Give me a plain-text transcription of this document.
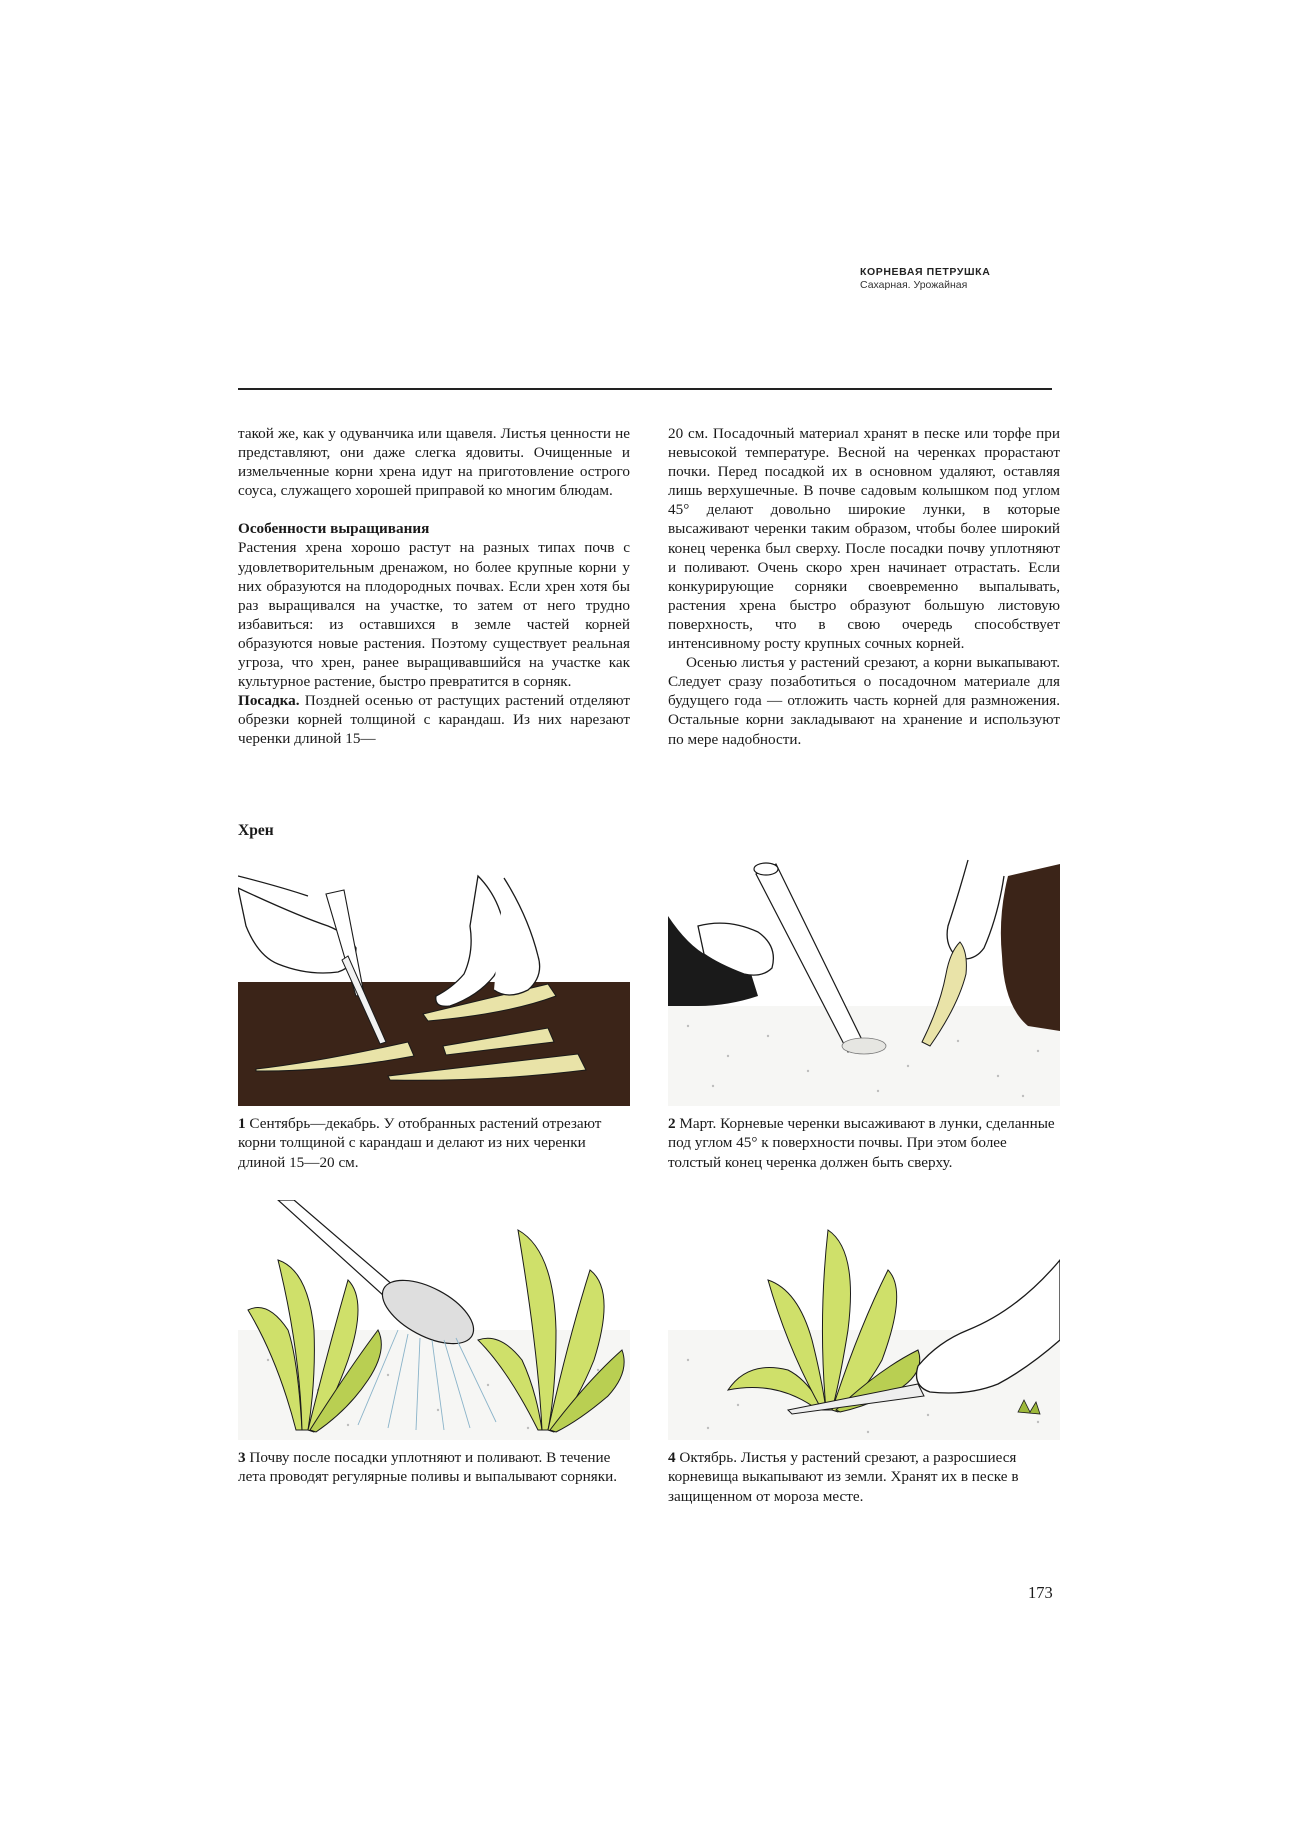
КОРНЕВАЯ ПЕТРУШКА
Сахарная. Урожайная

такой же, как у одуванчика или щавеля. Листья ценности не представляют, они даже слегка ядовиты. Очищенные и измельченные корни хрена идут на приготовление острого соуса, служащего хорошей приправой ко многим блюдам.

Особенности выращивания

Растения хрена хорошо растут на разных типах почв с удовлетворительным дренажом, но более крупные корни у них образуются на плодородных почвах. Если хрен хотя бы раз выращивался на участке, то затем от него трудно избавиться: из оставшихся в земле частей корней образуются новые растения. Поэтому существует реальная угроза, что хрен, ранее выращивавшийся на участке как культурное растение, быстро превратится в сорняк.

Посадка. Поздней осенью от растущих растений отделяют обрезки корней толщиной с карандаш. Из них нарезают черенки длиной 15—

20 см. Посадочный материал хранят в песке или торфе при невысокой температуре. Весной на черенках прорастают почки. Перед посадкой их в основном удаляют, оставляя лишь верхушечные. В почве садовым колышком под углом 45° делают довольно широкие лунки, в которые высаживают черенки таким образом, чтобы более широкий конец черенка был сверху. После посадки почву уплотняют и поливают. Очень скоро хрен начинает отрастать. Если конкурирующие сорняки своевременно выпалывать, растения хрена быстро образуют большую листовую поверхность, что в свою очередь способствует интенсивному росту крупных сочных корней.

Осенью листья у растений срезают, а корни выкапывают. Следует сразу позаботиться о посадочном материале для будущего года — отложить часть корней для размножения. Остальные корни закладывают на хранение и используют по мере надобности.

Хрен
1 Сентябрь—декабрь. У отобранных растений отрезают корни толщиной с карандаш и делают из них черенки длиной 15—20 см.
2 Март. Корневые черенки высаживают в лунки, сделанные под углом 45° к поверхности почвы. При этом более толстый конец черенка должен быть сверху.
3 Почву после посадки уплотняют и поливают. В течение лета проводят регулярные поливы и выпалывают сорняки.
4 Октябрь. Листья у растений срезают, а разросшиеся корневища выкапывают из земли. Хранят их в песке в защищенном от мороза месте.
173
